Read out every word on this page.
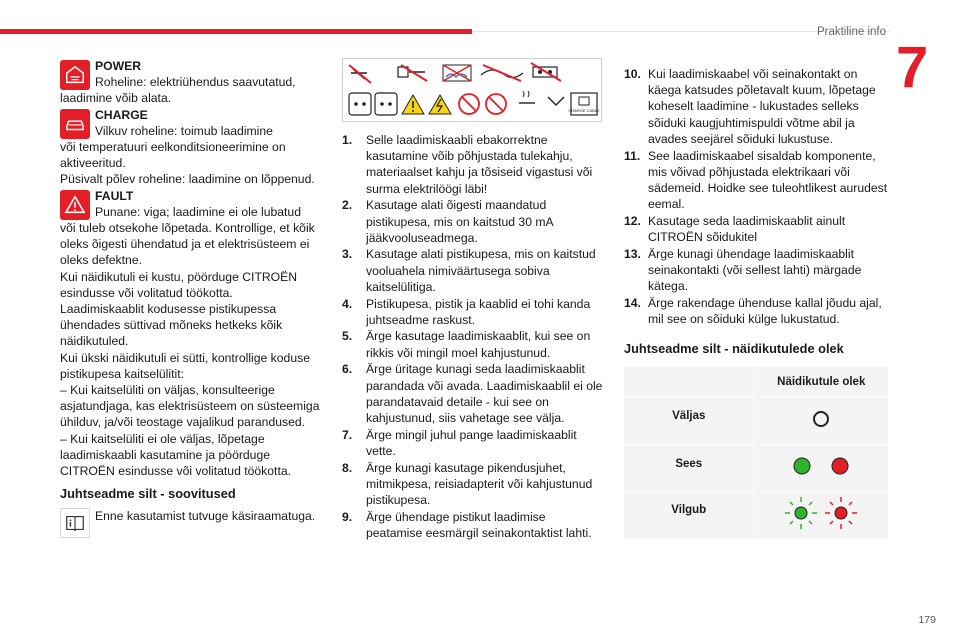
Praktiline info
7
179

POWER

Roheline: elektriühendus saavutatud,

laadimine võib alata.

CHARGE

Vilkuv roheline: toimub laadimine

või temperatuuri eelkonditsioneerimine on aktiveeritud.

Püsivalt põlev roheline: laadimine on lõppenud.

FAULT

Punane: viga; laadimine ei ole lubatud

või tuleb otsekohe lõpetada. Kontrollige, et kõik oleks õigesti ühendatud ja et elektrisüsteem ei oleks defektne.

Kui näidikutuli ei kustu, pöörduge CITROËN esindusse või volitatud töökotta.

Laadimiskaablit kodusesse pistikupessa ühendades süttivad mõneks hetkeks kõik näidikutuled.

Kui ükski näidikutuli ei sütti, kontrollige koduse pistikupesa kaitselülitit:

– Kui kaitselüliti on väljas, konsulteerige asjatundjaga, kas elektrisüsteem on süsteemiga ühilduv, ja/või teostage vajalikud parandused.

– Kui kaitselüliti ei ole väljas, lõpetage laadimiskaabli kasutamine ja pöörduge CITROËN esindusse või volitatud töökotta.

Juhtseadme silt - soovitused

Enne kasutamist tutvuge käsiraamatuga.

CHARGE CABLE
1. Selle laadimiskaabli ebakorrektne kasutamine võib põhjustada tulekahju, materiaalset kahju ja tõsiseid vigastusi või surma elektrilöögi läbi!
2. Kasutage alati õigesti maandatud pistikupesa, mis on kaitstud 30 mA jääkvooluseadmega.
3. Kasutage alati pistikupesa, mis on kaitstud vooluahela nimiväärtusega sobiva kaitselülitiga.
4. Pistikupesa, pistik ja kaablid ei tohi kanda juhtseadme raskust.
5. Ärge kasutage laadimiskaablit, kui see on rikkis või mingil moel kahjustunud.
6. Ärge üritage kunagi seda laadimiskaablit parandada või avada. Laadimiskaablil ei ole parandatavaid detaile - kui see on kahjustunud, siis vahetage see välja.
7. Ärge mingil juhul pange laadimiskaablit vette.
8. Ärge kunagi kasutage pikendusjuhet, mitmikpesa, reisiadapterit või kahjustunud pistikupesa.
9. Ärge ühendage pistikut laadimise peatamise eesmärgil seinakontaktist lahti.
10. Kui laadimiskaabel või seinakontakt on käega katsudes põletavalt kuum, lõpetage koheselt laadimine - lukustades selleks sõiduki kaugjuhtimispuldi võtme abil ja avades seejärel sõiduki lukustuse.
11. See laadimiskaabel sisaldab komponente, mis võivad põhjustada elektrikaari või sädemeid. Hoidke see tuleohtlikest aurudest eemal.
12. Kasutage seda laadimiskaablit ainult CITROËN sõidukitel
13. Ärge kunagi ühendage laadimiskaablit seinakontakti (või sellest lahti) märgade kätega.
14. Ärge rakendage ühenduse kallal jõudu ajal, mil see on sõiduki külge lukustatud.

Juhtseadme silt - näidikutulede olek

	Näidikutule olek
Väljas	
Sees	
Vilgub	
